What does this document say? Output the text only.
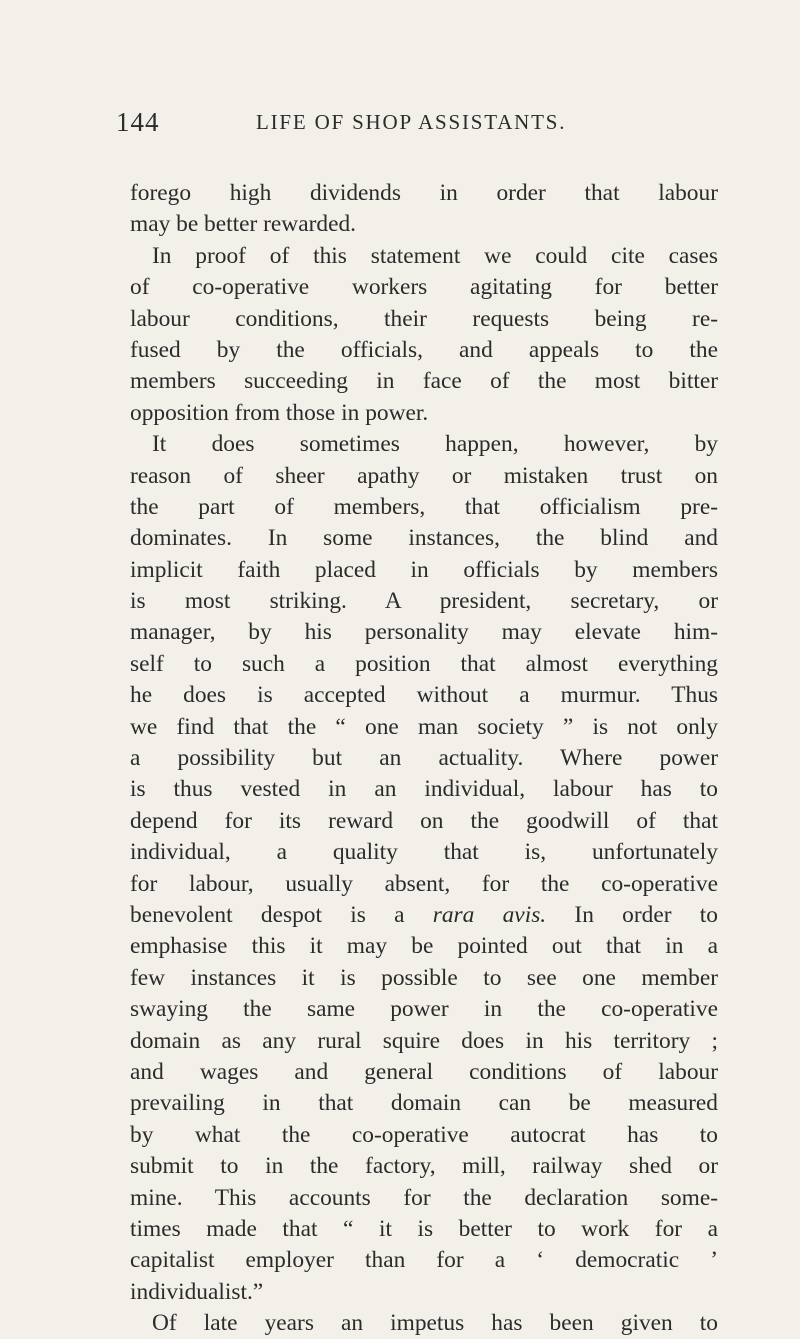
144	LIFE OF SHOP ASSISTANTS.
forego high dividends in order that labour
may be better rewarded.
In proof of this statement we could cite cases
of co-operative workers agitating for better
labour conditions, their requests being re-
fused by the officials, and appeals to the
members succeeding in face of the most bitter
opposition from those in power.
It does sometimes happen, however, by
reason of sheer apathy or mistaken trust on
the part of members, that officialism pre-
dominates. In some instances, the blind and
implicit faith placed in officials by members
is most striking. A president, secretary, or
manager, by his personality may elevate him-
self to such a position that almost everything
he does is accepted without a murmur. Thus
we find that the “ one man society ” is not only
a possibility but an actuality. Where power
is thus vested in an individual, labour has to
depend for its reward on the goodwill of that
individual, a quality that is, unfortunately
for labour, usually absent, for the co-operative
benevolent despot is a rara avis. In order to
emphasise this it may be pointed out that in a
few instances it is possible to see one member
swaying the same power in the co-operative
domain as any rural squire does in his territory ;
and wages and general conditions of labour
prevailing in that domain can be measured
by what the co-operative autocrat has to
submit to in the factory, mill, railway shed or
mine. This accounts for the declaration some-
times made that “ it is better to work for a
capitalist employer than for a ‘ democratic ’
individualist.”
Of late years an impetus has been given to
